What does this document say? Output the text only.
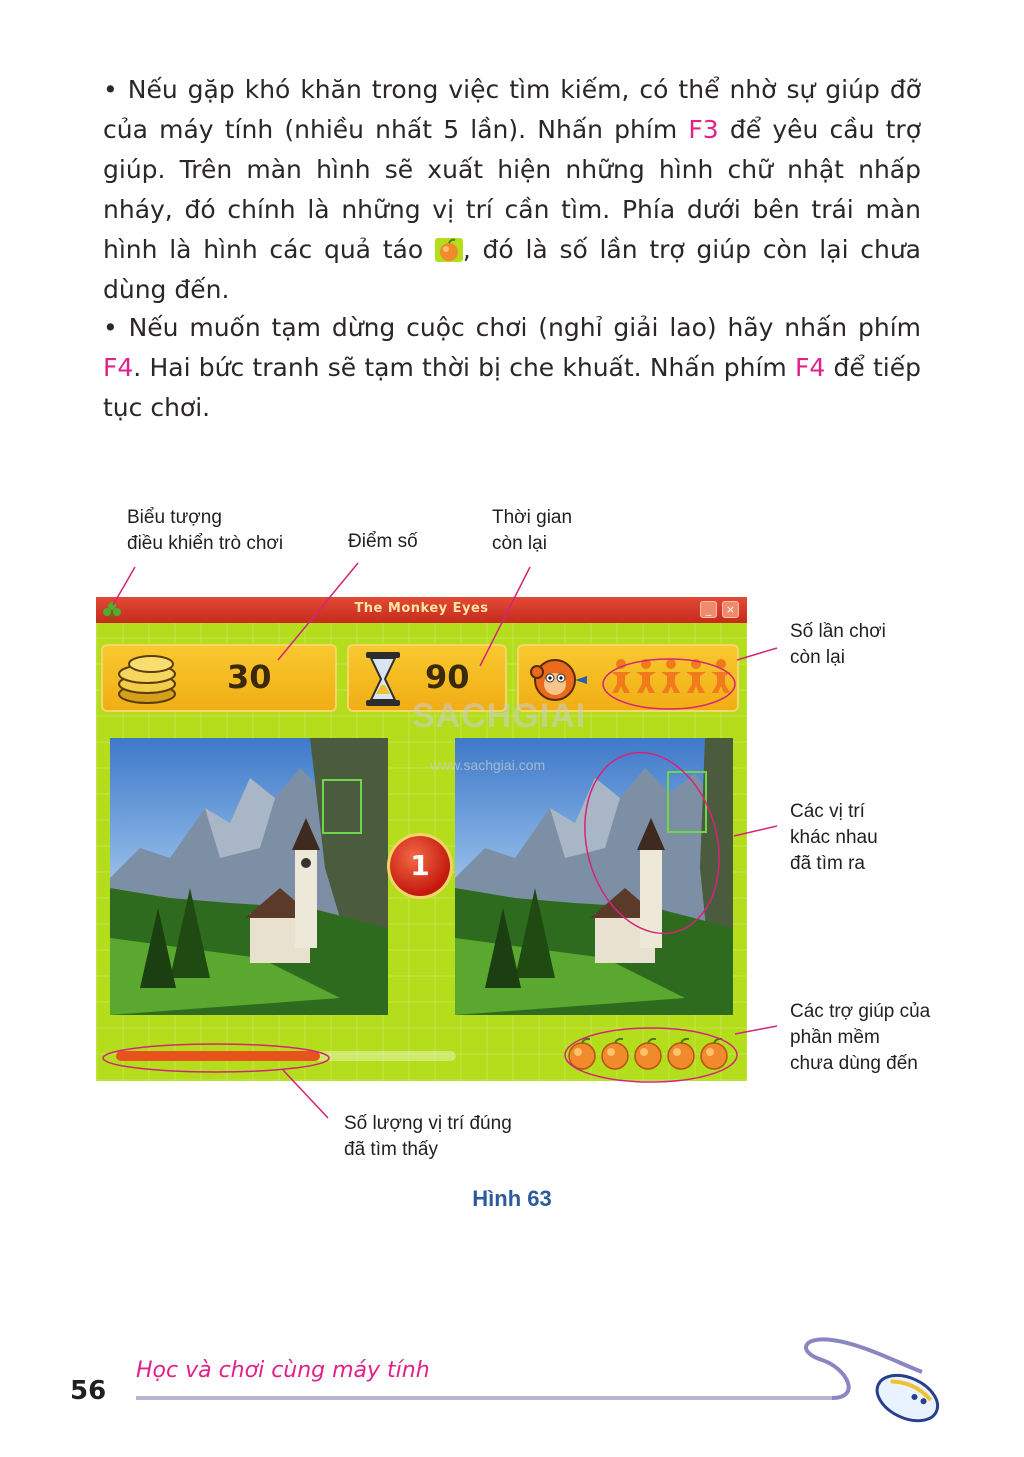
• Nếu gặp khó khăn trong việc tìm kiếm, có thể nhờ sự giúp đỡ của máy tính (nhiều nhất 5 lần). Nhấn phím F3 để yêu cầu trợ giúp. Trên màn hình sẽ xuất hiện những hình chữ nhật nhấp nháy, đó chính là những vị trí cần tìm. Phía dưới bên trái màn hình là hình các quả táo , đó là số lần trợ giúp còn lại chưa dùng đến.

• Nếu muốn tạm dừng cuộc chơi (nghỉ giải lao) hãy nhấn phím F4. Hai bức tranh sẽ tạm thời bị che khuất. Nhấn phím F4 để tiếp tục chơi.

Biểu tượng
điều khiển trò chơi	Điểm số
Thời gian
còn lại
Số lần chơi
còn lại
Các vị trí
khác nhau
đã tìm ra
Các trợ giúp của
phần mềm
chưa dùng đến
Số lượng vị trí đúng
đã tìm thấy
The Monkey Eyes	_	×
30	90
1
SACHGIAI
www.sachgiai.com
Hình 63
56
Học và chơi cùng máy tính
